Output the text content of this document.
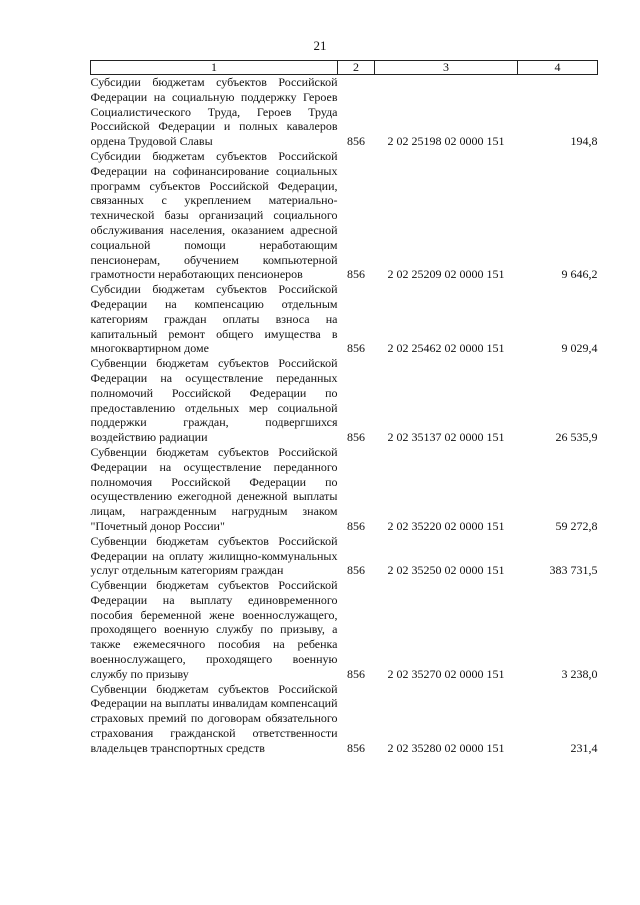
21
1	2	3	4
Субсидии бюджетам субъектов Российской Федерации на социальную поддержку Героев Социалистического Труда, Героев Труда Российской Федерации и полных кавалеров ордена Трудовой Славы	856	2 02 25198 02 0000 151	194,8
Субсидии бюджетам субъектов Российской Федерации на софинансирование социальных программ субъектов Российской Федерации, связанных с укреплением материально-технической базы организаций социального обслуживания населения, оказанием адресной социальной помощи неработающим пенсионерам, обучением компьютерной грамотности неработающих пенсионеров	856	2 02 25209 02 0000 151	9 646,2
Субсидии бюджетам субъектов Российской Федерации на компенсацию отдельным категориям граждан оплаты взноса на капитальный ремонт общего имущества в многоквартирном доме	856	2 02 25462 02 0000 151	9 029,4
Субвенции бюджетам субъектов Российской Федерации на осуществление переданных полномочий Российской Федерации по предоставлению отдельных мер социальной поддержки граждан, подвергшихся воздействию радиации	856	2 02 35137 02 0000 151	26 535,9
Субвенции бюджетам субъектов Российской Федерации на осуществление переданного полномочия Российской Федерации по осуществлению ежегодной денежной выплаты лицам, награжденным нагрудным знаком "Почетный донор России"	856	2 02 35220 02 0000 151	59 272,8
Субвенции бюджетам субъектов Российской Федерации на оплату жилищно-коммунальных услуг отдельным категориям граждан	856	2 02 35250 02 0000 151	383 731,5
Субвенции бюджетам субъектов Российской Федерации на выплату единовременного пособия беременной жене военнослужащего, проходящего военную службу по призыву, а также ежемесячного пособия на ребенка военнослужащего, проходящего военную службу по призыву	856	2 02 35270 02 0000 151	3 238,0
Субвенции бюджетам субъектов Российской Федерации на выплаты инвалидам компенсаций страховых премий по договорам обязательного страхования гражданской ответственности владельцев транспортных средств	856	2 02 35280 02 0000 151	231,4
